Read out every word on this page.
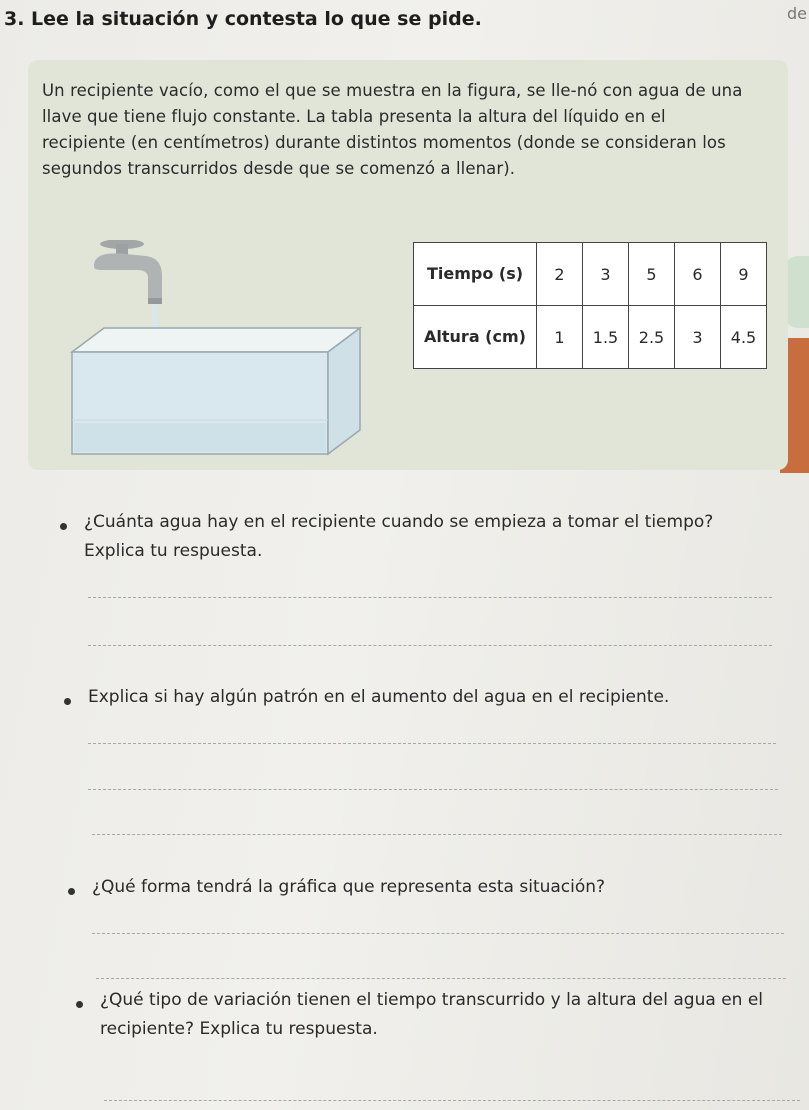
de
3. Lee la situación y contesta lo que se pide.
Un recipiente vacío, como el que se muestra en la figura, se lle-nó con agua de una llave que tiene flujo constante. La tabla presenta la altura del líquido en el recipiente (en centímetros) durante distintos momentos (donde se consideran los segundos transcurridos desde que se comenzó a llenar).
Tiempo (s)	2	3	5	6	9
Altura (cm)	1	1.5	2.5	3	4.5
¿Cuánta agua hay en el recipiente cuando se empieza a tomar el tiempo? Explica tu respuesta.
Explica si hay algún patrón en el aumento del agua en el recipiente.
¿Qué forma tendrá la gráfica que representa esta situación?
¿Qué tipo de variación tienen el tiempo transcurrido y la altura del agua en el recipiente? Explica tu respuesta.
